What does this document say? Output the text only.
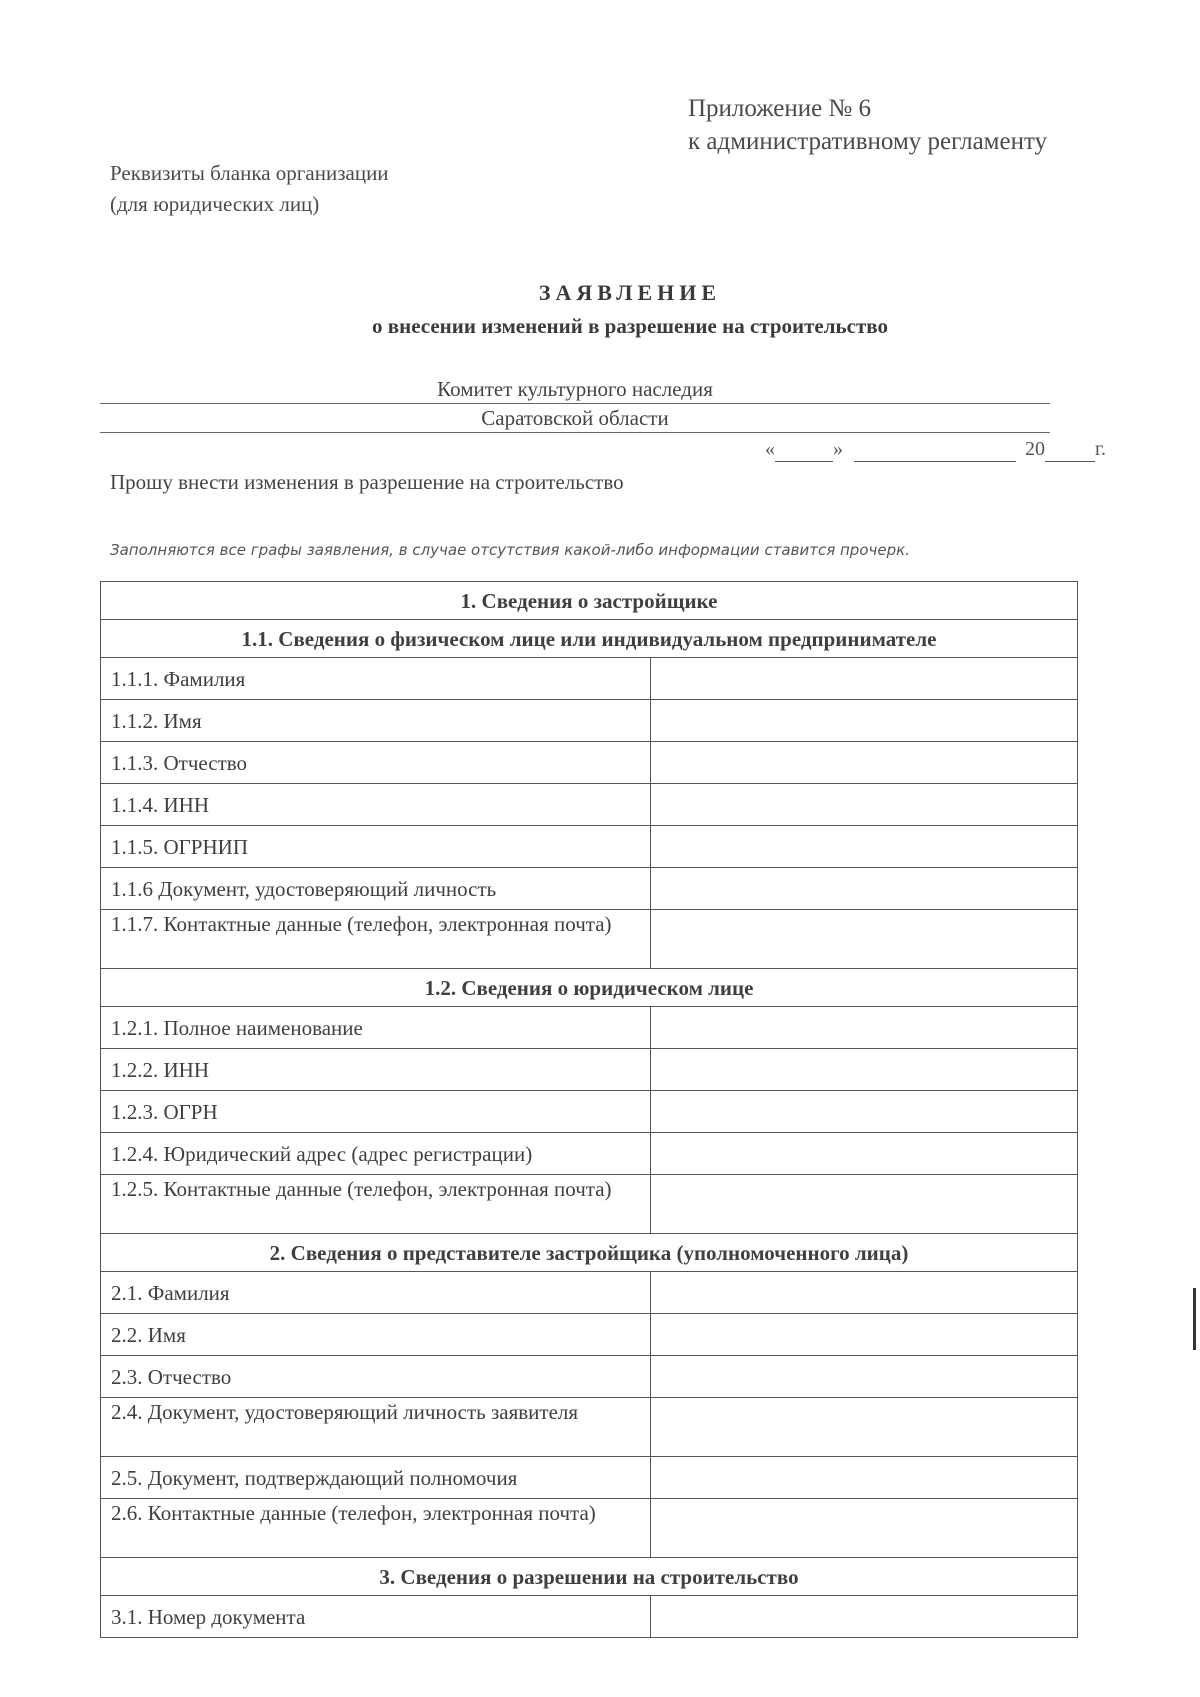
Приложение № 6
к административному регламенту
Реквизиты бланка организации
(для юридических лиц)
ЗАЯВЛЕНИЕ
о внесении изменений в разрешение на строительство
Комитет культурного наследия
Саратовской области
«	»	20	г.
Прошу внести изменения в разрешение на строительство
Заполняются все графы заявления, в случае отсутствия какой-либо информации ставится прочерк.
1. Сведения о застройщике	
1.1. Сведения о физическом лице или индивидуальном предпринимателе	
1.1.1. Фамилия	
1.1.2. Имя	
1.1.3. Отчество	
1.1.4. ИНН	
1.1.5. ОГРНИП	
1.1.6 Документ, удостоверяющий личность	
1.1.7. Контактные данные (телефон, электронная почта)	
1.2. Сведения о юридическом лице	
1.2.1. Полное наименование	
1.2.2. ИНН	
1.2.3. ОГРН	
1.2.4. Юридический адрес (адрес регистрации)	
1.2.5. Контактные данные (телефон, электронная почта)	
2. Сведения о представителе застройщика (уполномоченного лица)	
2.1. Фамилия	
2.2. Имя	
2.3. Отчество	
2.4. Документ, удостоверяющий личность заявителя	
2.5. Документ, подтверждающий полномочия	
2.6. Контактные данные (телефон, электронная почта)	
3. Сведения о разрешении на строительство	
3.1. Номер документа	
